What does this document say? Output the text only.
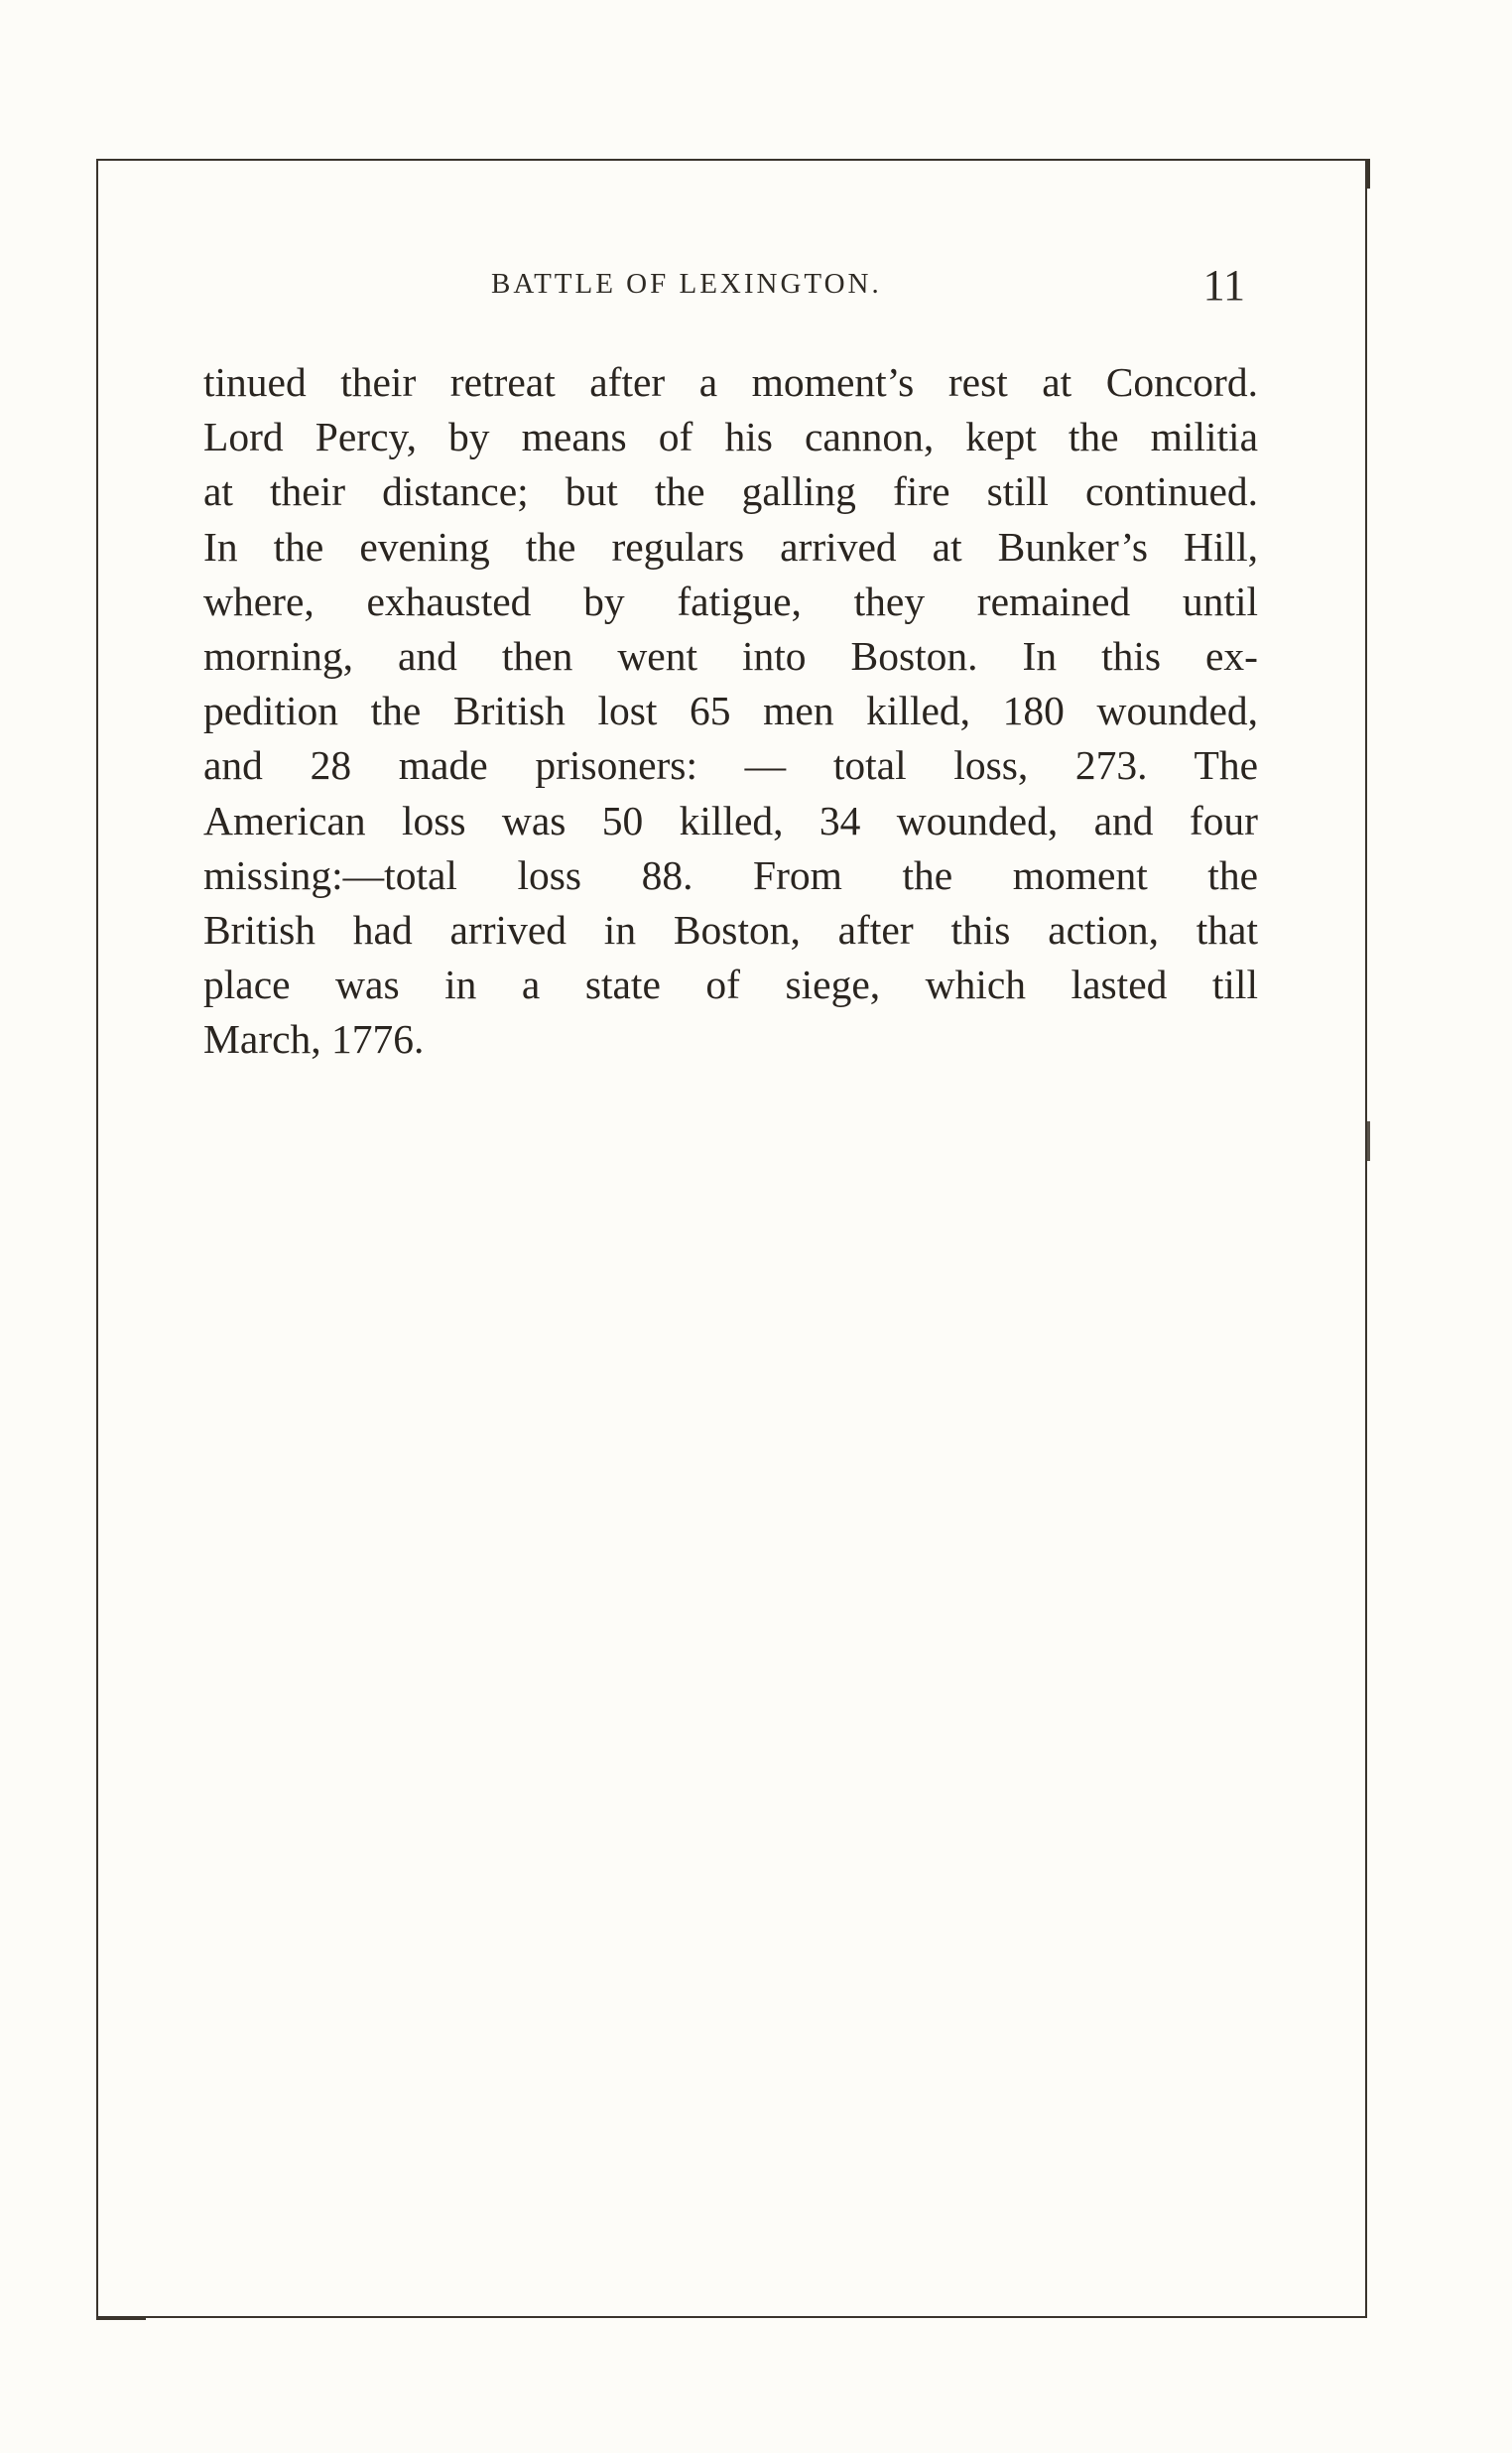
BATTLE OF LEXINGTON.	11
tinued their retreat after a moment’s rest at Concord.
Lord Percy, by means of his cannon, kept the militia
at their distance; but the galling fire still continued.
In the evening the regulars arrived at Bunker’s Hill,
where, exhausted by fatigue, they remained until
morning, and then went into Boston. In this ex-
pedition the British lost 65 men killed, 180 wounded,
and 28 made prisoners: — total loss, 273. The
American loss was 50 killed, 34 wounded, and four
missing:—total loss 88. From the moment the
British had arrived in Boston, after this action, that
place was in a state of siege, which lasted till
March, 1776.
